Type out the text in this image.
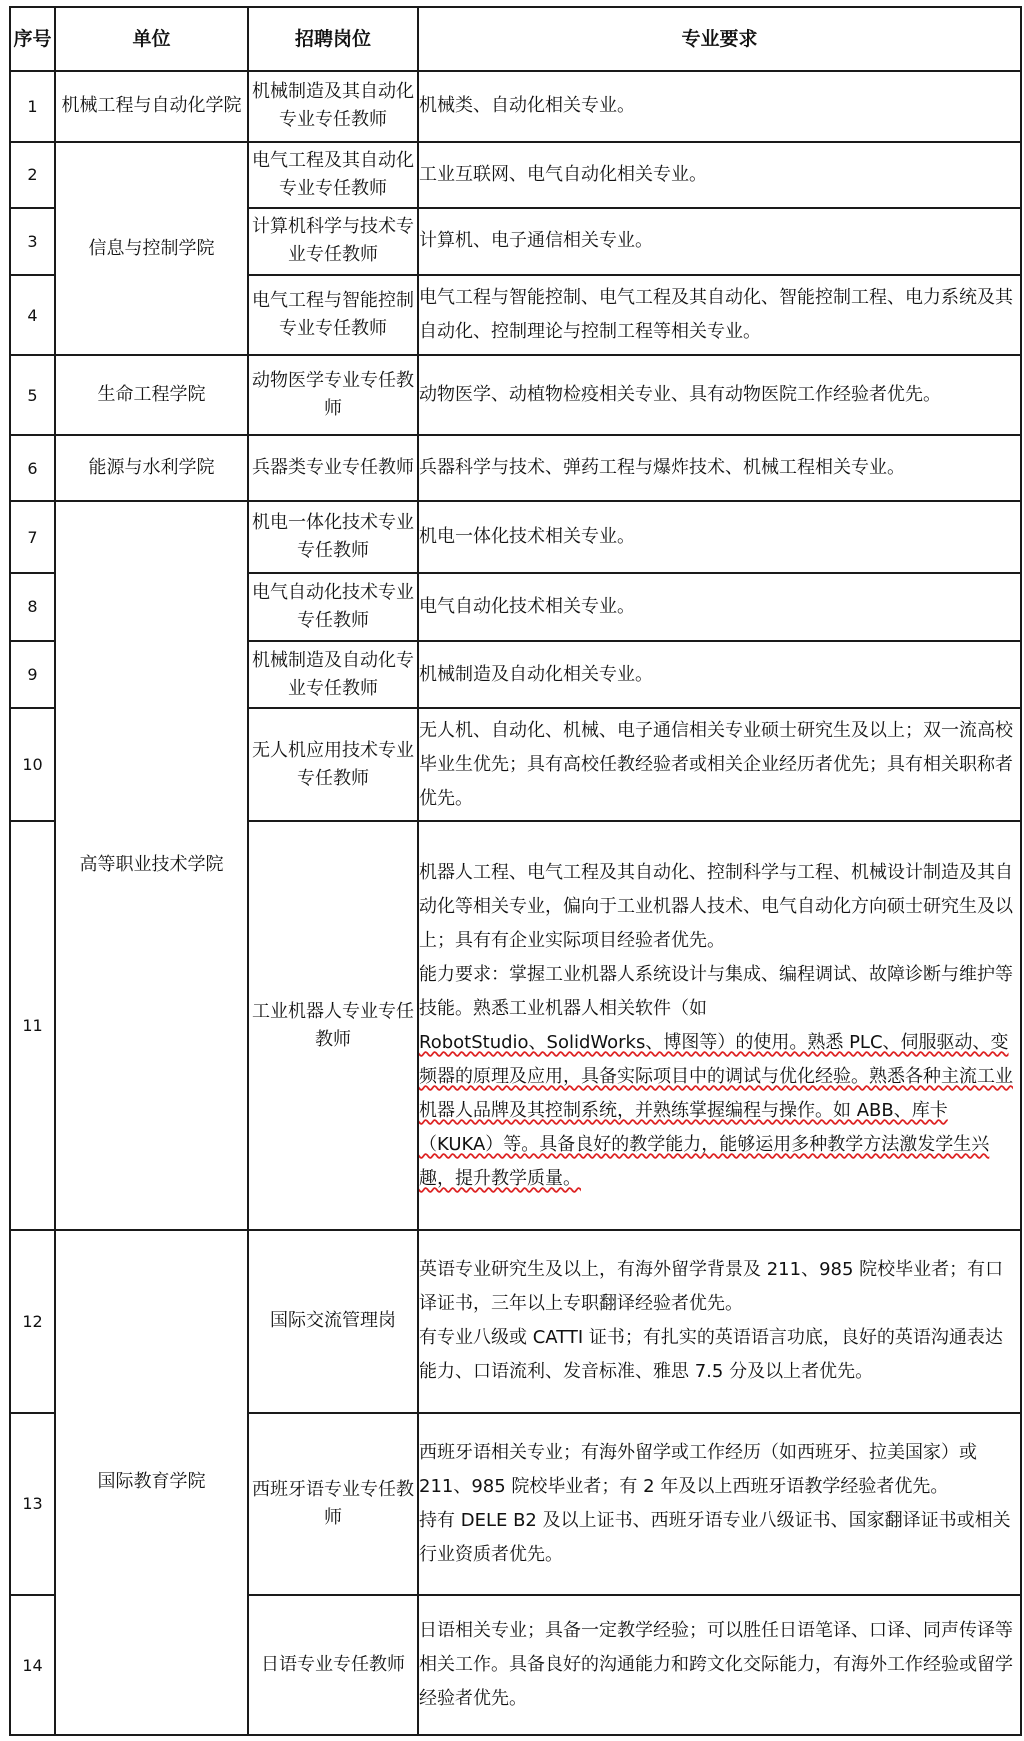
序号	单位	招聘岗位	专业要求
1	机械工程与自动化学院	机械制造及其自动化专业专任教师	机械类、自动化相关专业。

2	信息与控制学院	电气工程及其自动化专业专任教师	工业互联网、电气自动化相关专业。

3		计算机科学与技术专业专任教师	计算机、电子通信相关专业。

4		电气工程与智能控制专业专任教师	电气工程与智能控制、电气工程及其自动化、智能控制工程、电力系统及其自动化、控制理论与控制工程等相关专业。

5	生命工程学院	动物医学专业专任教师	动物医学、动植物检疫相关专业、具有动物医院工作经验者优先。

6	能源与水利学院	兵器类专业专任教师	兵器科学与技术、弹药工程与爆炸技术、机械工程相关专业。

7	高等职业技术学院	机电一体化技术专业专任教师	机电一体化技术相关专业。

8		电气自动化技术专业专任教师	电气自动化技术相关专业。

9		机械制造及自动化专业专任教师	机械制造及自动化相关专业。

10		无人机应用技术专业专任教师	无人机、自动化、机械、电子通信相关专业硕士研究生及以上；双一流高校毕业生优先；具有高校任教经验者或相关企业经历者优先；具有相关职称者优先。

11		工业机器人专业专任教师	机器人工程、电气工程及其自动化、控制科学与工程、机械设计制造及其自动化等相关专业，偏向于工业机器人技术、电气自动化方向硕士研究生及以上；具有有企业实际项目经验者优先。
能力要求：掌握工业机器人系统设计与集成、编程调试、故障诊断与维护等技能。熟悉工业机器人相关软件（如
RobotStudio、SolidWorks、博图等）的使用。熟悉 PLC、伺服驱动、变频器的原理及应用，具备实际项目中的调试与优化经验。熟悉各种主流工业机器人品牌及其控制系统，并熟练掌握编程与操作。如 ABB、库卡（KUKA）等。具备良好的教学能力，能够运用多种教学方法激发学生兴趣，提升教学质量。

12	国际教育学院	国际交流管理岗	英语专业研究生及以上，有海外留学背景及 211、985 院校毕业者；有口译证书，三年以上专职翻译经验者优先。
有专业八级或 CATTI 证书；有扎实的英语语言功底，良好的英语沟通表达能力、口语流利、发音标准、雅思 7.5 分及以上者优先。

13		西班牙语专业专任教师	西班牙语相关专业；有海外留学或工作经历（如西班牙、拉美国家）或 211、985 院校毕业者；有 2 年及以上西班牙语教学经验者优先。
持有 DELE B2 及以上证书、西班牙语专业八级证书、国家翻译证书或相关行业资质者优先。

14		日语专业专任教师	日语相关专业；具备一定教学经验；可以胜任日语笔译、口译、同声传译等相关工作。具备良好的沟通能力和跨文化交际能力，有海外工作经验或留学经验者优先。
